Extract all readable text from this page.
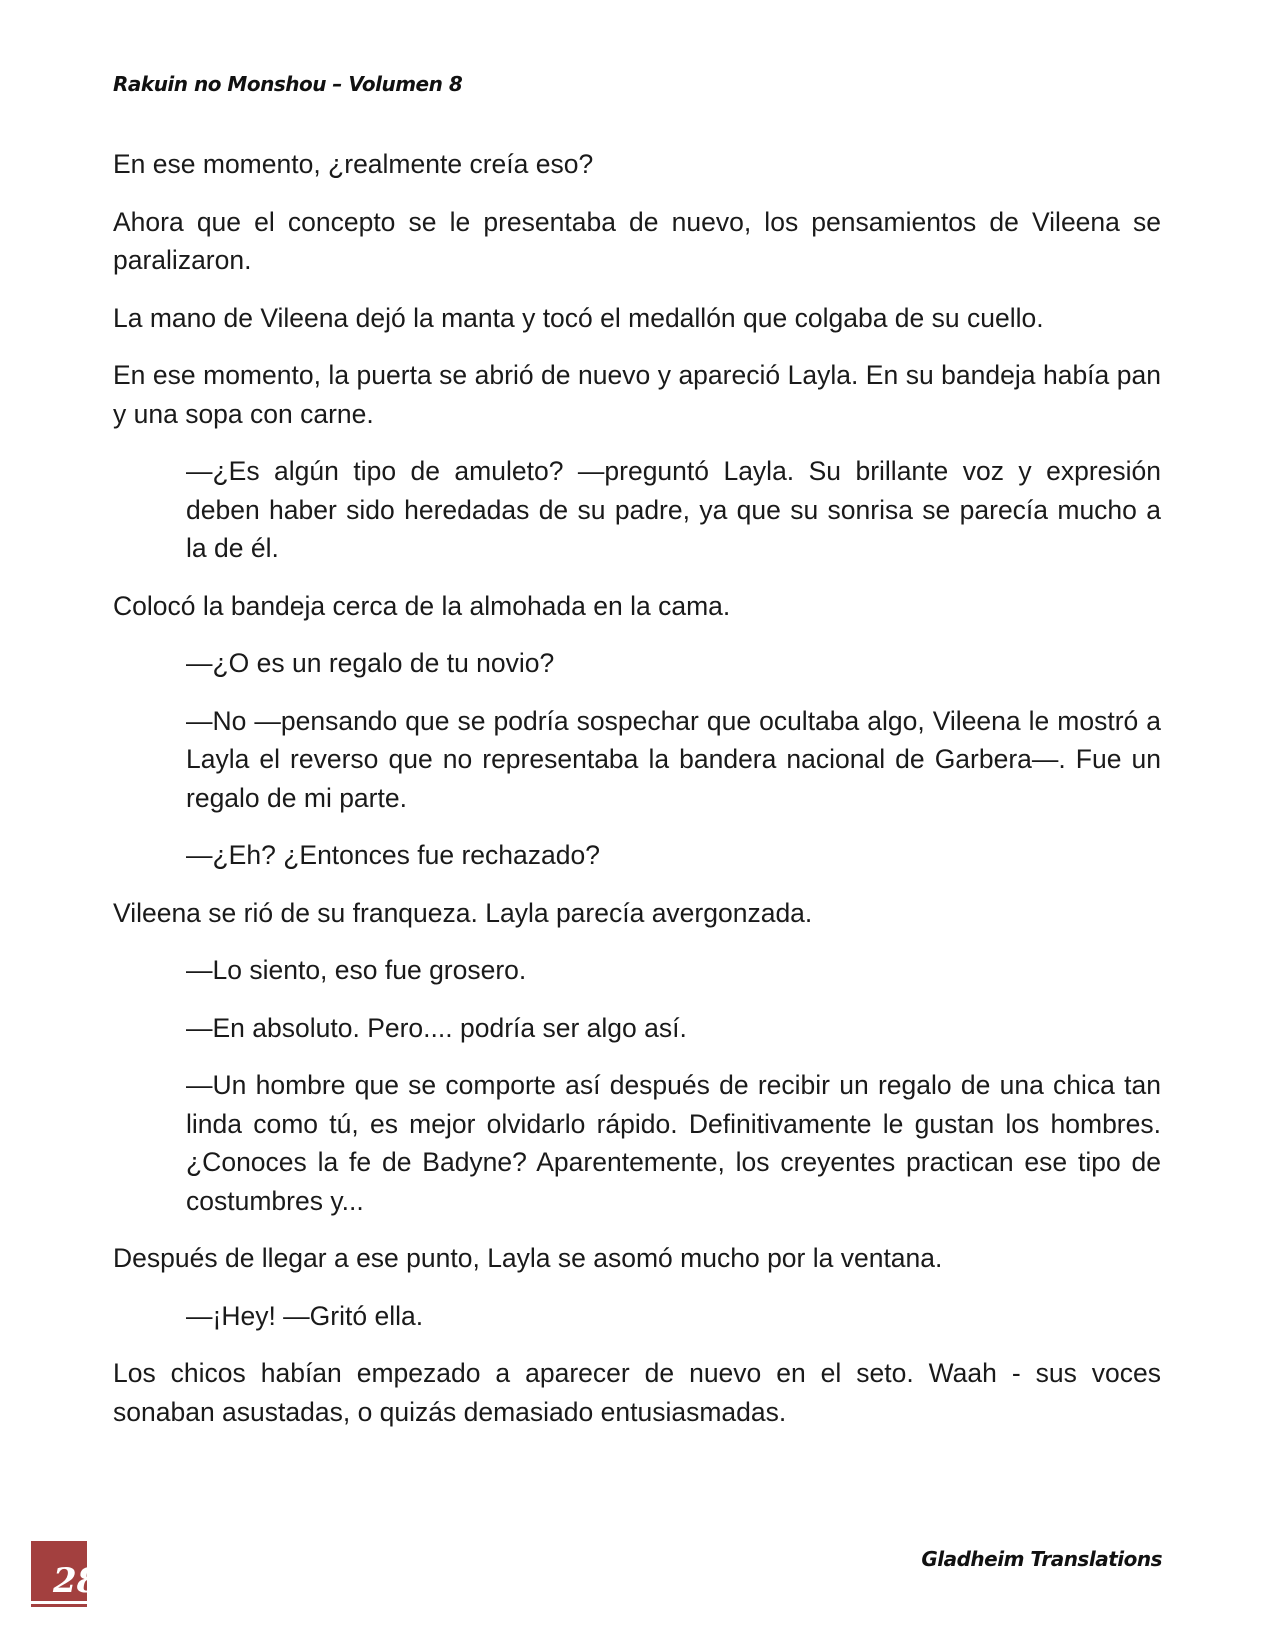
Rakuin no Monshou – Volumen 8

En ese momento, ¿realmente creía eso?

Ahora que el concepto se le presentaba de nuevo, los pensamientos de Vileena se paralizaron.

La mano de Vileena dejó la manta y tocó el medallón que colgaba de su cuello.

En ese momento, la puerta se abrió de nuevo y apareció Layla. En su bandeja había pan y una sopa con carne.

—¿Es algún tipo de amuleto? —preguntó Layla. Su brillante voz y expresión deben haber sido heredadas de su padre, ya que su sonrisa se parecía mucho a la de él.

Colocó la bandeja cerca de la almohada en la cama.

—¿O es un regalo de tu novio?

—No —pensando que se podría sospechar que ocultaba algo, Vileena le mostró a Layla el reverso que no representaba la bandera nacional de Garbera—. Fue un regalo de mi parte.

—¿Eh? ¿Entonces fue rechazado?

Vileena se rió de su franqueza. Layla parecía avergonzada.

—Lo siento, eso fue grosero.

—En absoluto. Pero.... podría ser algo así.

—Un hombre que se comporte así después de recibir un regalo de una chica tan linda como tú, es mejor olvidarlo rápido. Definitivamente le gustan los hombres. ¿Conoces la fe de Badyne? Aparentemente, los creyentes practican ese tipo de costumbres y...

Después de llegar a ese punto, Layla se asomó mucho por la ventana.

—¡Hey! —Gritó ella.

Los chicos habían empezado a aparecer de nuevo en el seto. Waah - sus voces sonaban asustadas, o quizás demasiado entusiasmadas.

28
Gladheim Translations
